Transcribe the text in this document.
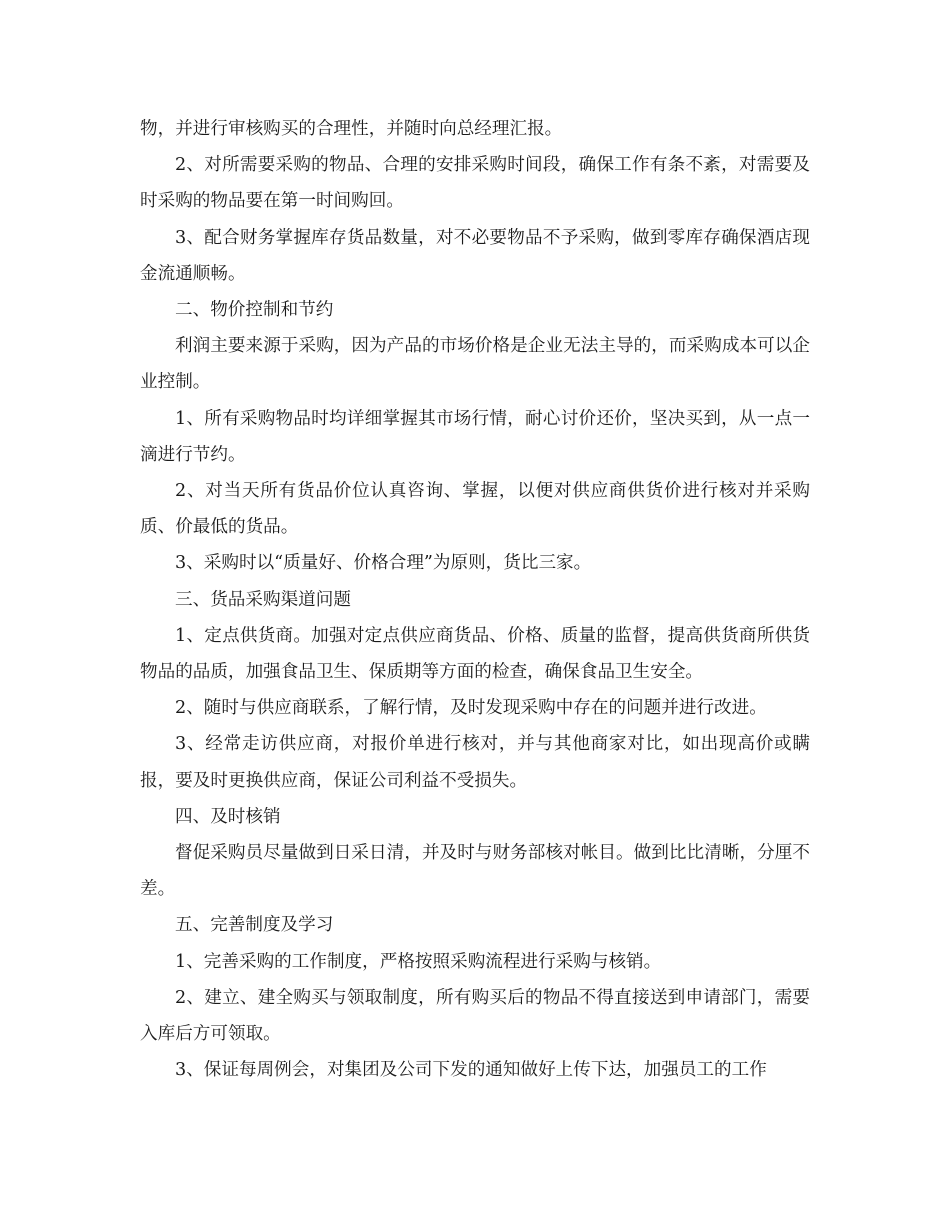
物，并进行审核购买的合理性，并随时向总经理汇报。

2、对所需要采购的物品、合理的安排采购时间段，确保工作有条不紊，对需要及时采购的物品要在第一时间购回。

3、配合财务掌握库存货品数量，对不必要物品不予采购，做到零库存确保酒店现金流通顺畅。

二、物价控制和节约

利润主要来源于采购，因为产品的市场价格是企业无法主导的，而采购成本可以企业控制。

1、所有采购物品时均详细掌握其市场行情，耐心讨价还价，坚决买到，从一点一滴进行节约。

2、对当天所有货品价位认真咨询、掌握，以便对供应商供货价进行核对并采购质、价最低的货品。

3、采购时以“质量好、价格合理”为原则，货比三家。

三、货品采购渠道问题

1、定点供货商。加强对定点供应商货品、价格、质量的监督，提高供货商所供货物品的品质，加强食品卫生、保质期等方面的检查，确保食品卫生安全。

2、随时与供应商联系，了解行情，及时发现采购中存在的问题并进行改进。

3、经常走访供应商，对报价单进行核对，并与其他商家对比，如出现高价或瞒报，要及时更换供应商，保证公司利益不受损失。

四、及时核销

督促采购员尽量做到日采日清，并及时与财务部核对帐目。做到比比清晰，分厘不差。

五、完善制度及学习

1、完善采购的工作制度，严格按照采购流程进行采购与核销。

2、建立、建全购买与领取制度，所有购买后的物品不得直接送到申请部门，需要入库后方可领取。

3、保证每周例会，对集团及公司下发的通知做好上传下达，加强员工的工作
